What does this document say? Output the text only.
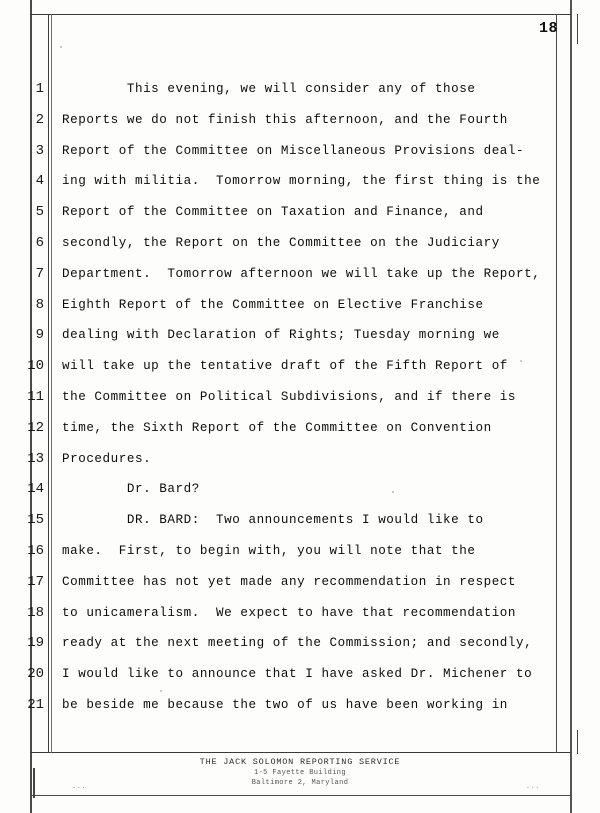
18
1
2
3
4
5
6
7
8
9
10
11
12
13
14
15
16
17
18
19
20
21
This evening, we will consider any of those
Reports we do not finish this afternoon, and the Fourth
Report of the Committee on Miscellaneous Provisions deal-
ing with militia.  Tomorrow morning, the first thing is the
Report of the Committee on Taxation and Finance, and
secondly, the Report on the Committee on the Judiciary
Department.  Tomorrow afternoon we will take up the Report,
Eighth Report of the Committee on Elective Franchise
dealing with Declaration of Rights; Tuesday morning we
will take up the tentative draft of the Fifth Report of
the Committee on Political Subdivisions, and if there is
time, the Sixth Report of the Committee on Convention
Procedures.
Dr. Bard?
DR. BARD:  Two announcements I would like to
make.  First, to begin with, you will note that the
Committee has not yet made any recommendation in respect
to unicameralism.  We expect to have that recommendation
ready at the next meeting of the Commission; and secondly,
I would like to announce that I have asked Dr. Michener to
be beside me because the two of us have been working in
THE JACK SOLOMON REPORTING SERVICE
1-5 Fayette Building
Baltimore 2, Maryland
...	...
